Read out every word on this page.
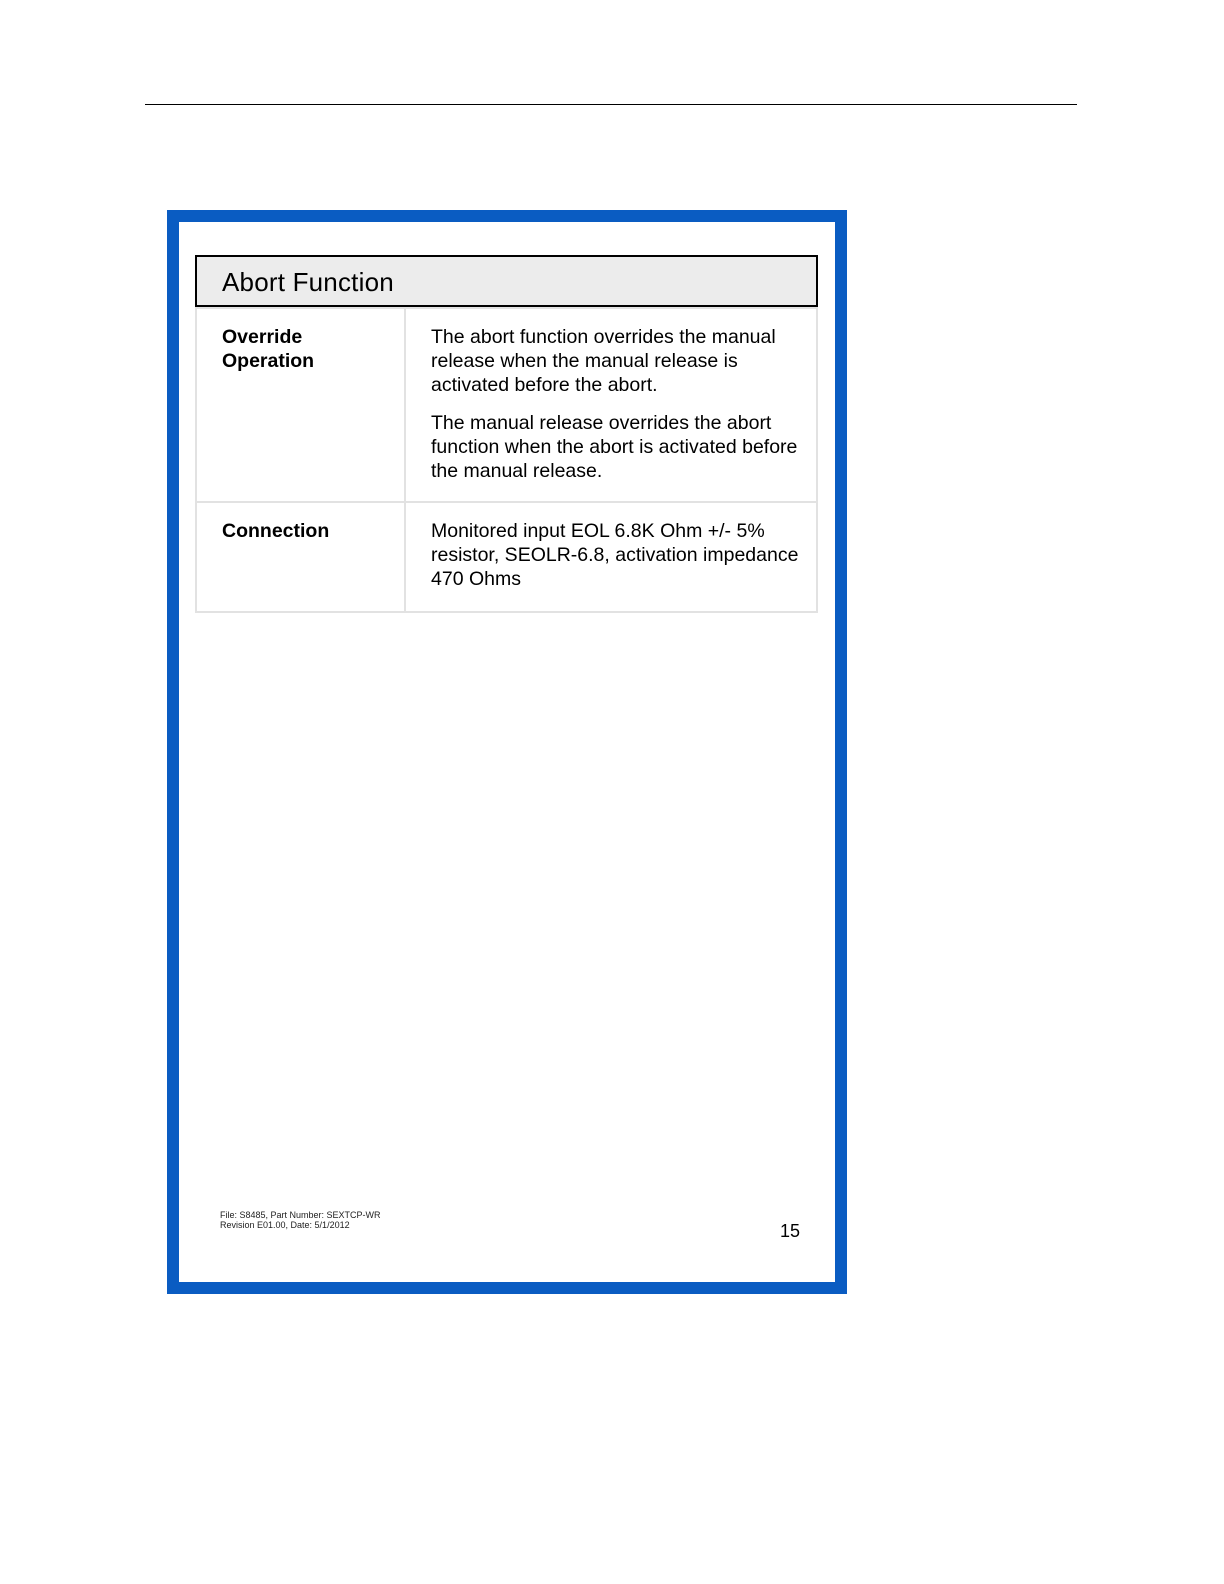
Abort Function
Override Operation	The abort function overrides the manual release when the manual release is activated before the abort.

The manual release overrides the abort function when the abort is activated before the manual release.

Connection	Monitored input EOL 6.8K Ohm +/- 5% resistor, SEOLR-6.8, activation impedance 470 Ohms

File: S8485, Part Number: SEXTCP-WR
Revision E01.00, Date: 5/1/2012	15
